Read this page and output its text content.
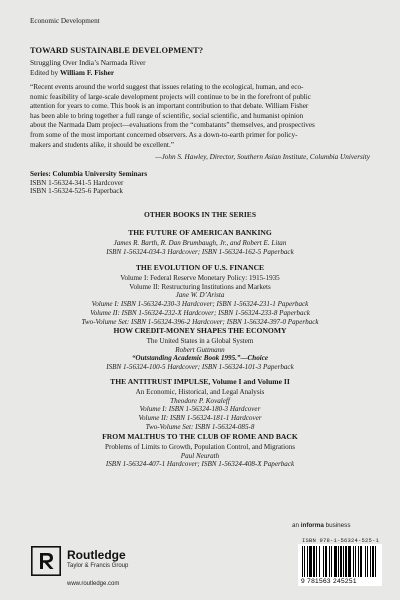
Economic Development
TOWARD SUSTAINABLE DEVELOPMENT?
Struggling Over India’s Narmada River
Edited by William F. Fisher
“Recent events around the world suggest that issues relating to the ecological, human, and eco-
nomic feasibility of large-scale development projects will continue to be in the forefront of public
attention for years to come. This book is an important contribution to that debate. William Fisher
has been able to bring together a full range of scientific, social scientific, and humanist opinion
about the Narmada Dam project—evaluations from the “combatants” themselves, and prospectives
from some of the most important concerned observers. As a down-to-earth primer for policy-
makers and students alike, it should be excellent.”
—John S. Hawley, Director, Southern Asian Institute, Columbia University
Series: Columbia University Seminars
ISBN 1-56324-341-5 Hardcover
ISBN 1-56324-525-6 Paperback
OTHER BOOKS IN THE SERIES
THE FUTURE OF AMERICAN BANKING
James R. Barth, R. Dan Brumbaugh, Jr., and Robert E. Litan
ISBN 1-56324-034-3 Hardcover; ISBN 1-56324-162-5 Paperback
THE EVOLUTION OF U.S. FINANCE
Volume I: Federal Reserve Monetary Policy: 1915-1935
Volume II: Restructuring Institutions and Markets
Jane W. D’Arista
Volume I: ISBN 1-56324-230-3 Hardcover; ISBN 1-56324-231-1 Paperback
Volume II: ISBN 1-56324-232-X Hardcover; ISBN 1-56324-233-8 Paperback
Two-Volume Set: ISBN 1-56324-396-2 Hardcover; ISBN 1-56324-397-0 Paperback
HOW CREDIT-MONEY SHAPES THE ECONOMY
The United States in a Global System
Robert Guttmann
“Outstanding Academic Book 1995.”—Choice
ISBN 1-56324-100-5 Hardcover; ISBN 1-56324-101-3 Paperback
THE ANTITRUST IMPULSE, Volume I and Volume II
An Economic, Historical, and Legal Analysis
Theodore P. Kovaleff
Volume I: ISBN 1-56324-180-3 Hardcover
Volume II: ISBN 1-56324-181-1 Hardcover
Two-Volume Set: ISBN 1-56324-085-8
FROM MALTHUS TO THE CLUB OF ROME AND BACK
Problems of Limits to Growth, Population Control, and Migrations
Paul Neurath
ISBN 1-56324-407-1 Hardcover; ISBN 1-56324-408-X Paperback
an informa business
ISBN 978-1-56324-525-1
9 781563 245251
Routledge
Taylor & Francis Group
www.routledge.com
